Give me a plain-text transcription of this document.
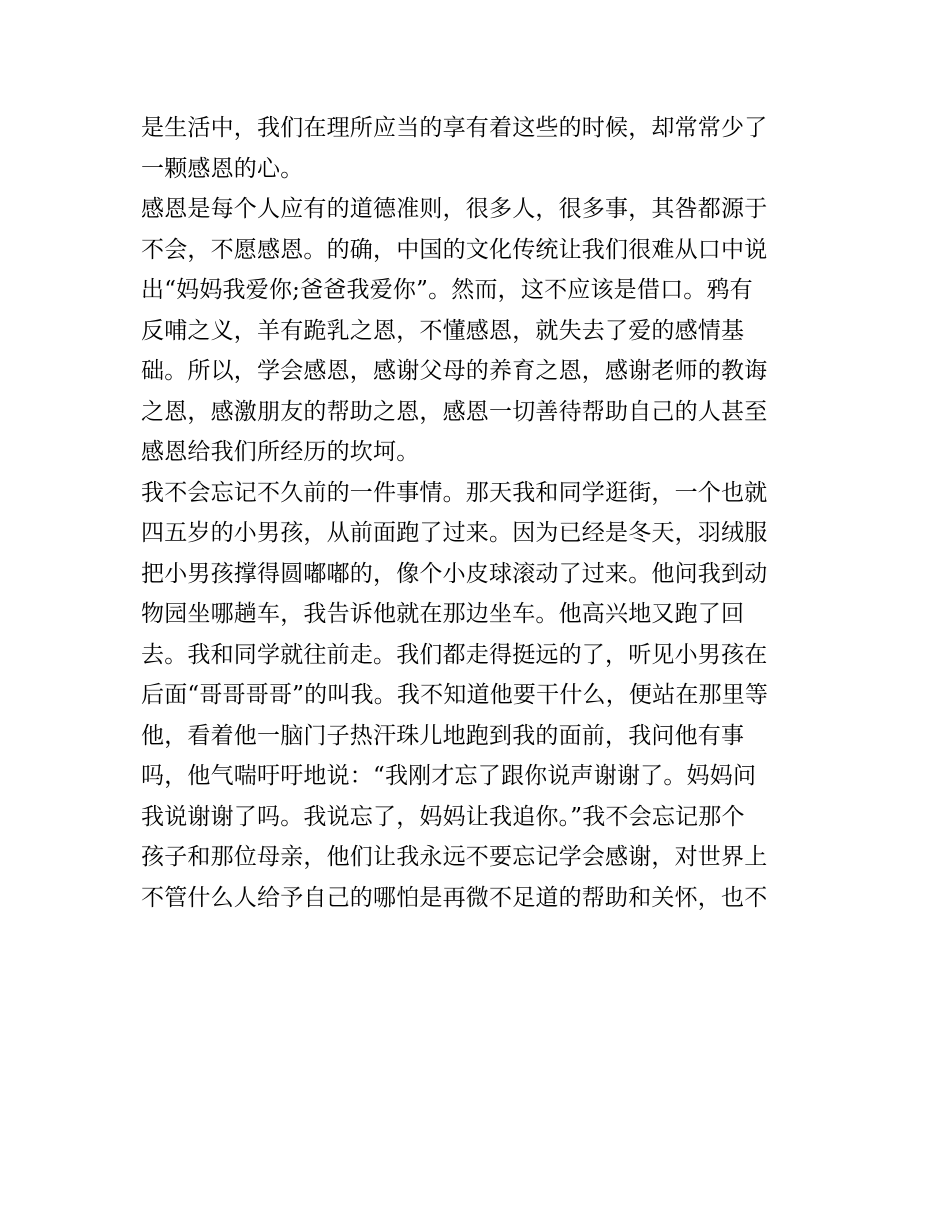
是生活中，我们在理所应当的享有着这些的时候，却常常少了
一颗感恩的心。
感恩是每个人应有的道德准则，很多人，很多事，其咎都源于
不会，不愿感恩。的确，中国的文化传统让我们很难从口中说
出“妈妈我爱你;爸爸我爱你”。然而，这不应该是借口。鸦有
反哺之义，羊有跪乳之恩，不懂感恩，就失去了爱的感情基
础。所以，学会感恩，感谢父母的养育之恩，感谢老师的教诲
之恩，感激朋友的帮助之恩，感恩一切善待帮助自己的人甚至
感恩给我们所经历的坎坷。
我不会忘记不久前的一件事情。那天我和同学逛街，一个也就
四五岁的小男孩，从前面跑了过来。因为已经是冬天，羽绒服
把小男孩撑得圆嘟嘟的，像个小皮球滚动了过来。他问我到动
物园坐哪趟车，我告诉他就在那边坐车。他高兴地又跑了回
去。我和同学就往前走。我们都走得挺远的了，听见小男孩在
后面“哥哥哥哥”的叫我。我不知道他要干什么，便站在那里等
他，看着他一脑门子热汗珠儿地跑到我的面前，我问他有事
吗，他气喘吁吁地说：“我刚才忘了跟你说声谢谢了。妈妈问
我说谢谢了吗。我说忘了，妈妈让我追你。”我不会忘记那个
孩子和那位母亲，他们让我永远不要忘记学会感谢，对世界上
不管什么人给予自己的哪怕是再微不足道的帮助和关怀，也不
